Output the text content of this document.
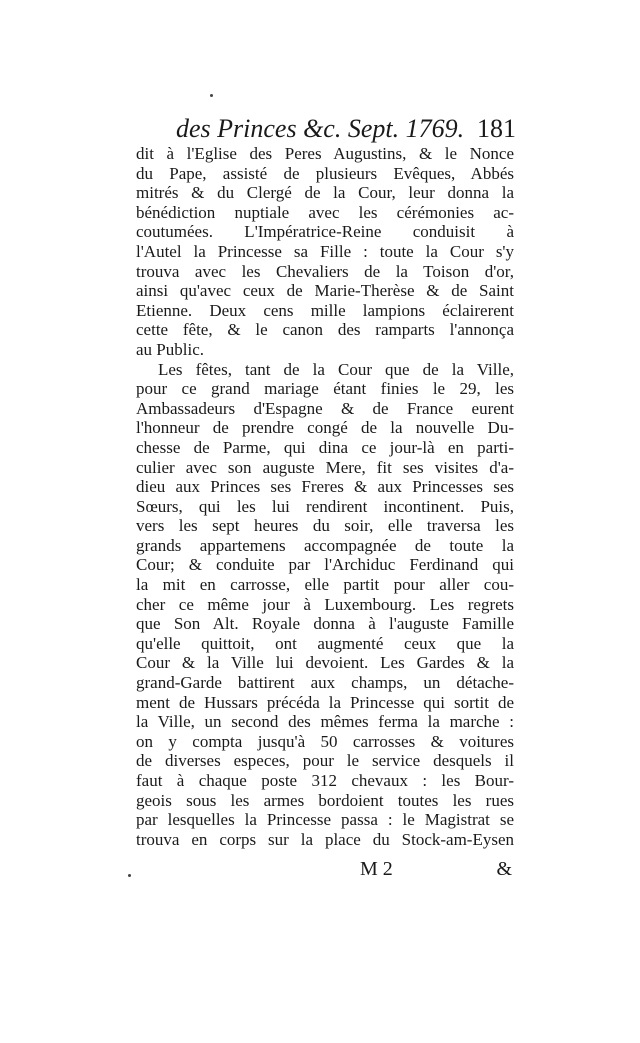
des Princes &c. Sept. 1769. 181
dit à l'Eglise des Peres Augustins, & le Nonce
du Pape, assisté de plusieurs Evêques, Abbés
mitrés & du Clergé de la Cour, leur donna la
bénédiction nuptiale avec les cérémonies ac-
coutumées. L'Impératrice-Reine conduisit à
l'Autel la Princesse sa Fille : toute la Cour s'y
trouva avec les Chevaliers de la Toison d'or,
ainsi qu'avec ceux de Marie-Therèse & de Saint
Etienne. Deux cens mille lampions éclairerent
cette fête, & le canon des ramparts l'annonça
au Public.
Les fêtes, tant de la Cour que de la Ville,
pour ce grand mariage étant finies le 29, les
Ambassadeurs d'Espagne & de France eurent
l'honneur de prendre congé de la nouvelle Du-
chesse de Parme, qui dina ce jour-là en parti-
culier avec son auguste Mere, fit ses visites d'a-
dieu aux Princes ses Freres & aux Princesses ses
Sœurs, qui les lui rendirent incontinent. Puis,
vers les sept heures du soir, elle traversa les
grands appartemens accompagnée de toute la
Cour; & conduite par l'Archiduc Ferdinand qui
la mit en carrosse, elle partit pour aller cou-
cher ce même jour à Luxembourg. Les regrets
que Son Alt. Royale donna à l'auguste Famille
qu'elle quittoit, ont augmenté ceux que la
Cour & la Ville lui devoient. Les Gardes & la
grand-Garde battirent aux champs, un détache-
ment de Hussars précéda la Princesse qui sortit de
la Ville, un second des mêmes ferma la marche :
on y compta jusqu'à 50 carrosses & voitures
de diverses especes, pour le service desquels il
faut à chaque poste 312 chevaux : les Bour-
geois sous les armes bordoient toutes les rues
par lesquelles la Princesse passa : le Magistrat se
trouva en corps sur la place du Stock-am-Eysen
M 2	&
